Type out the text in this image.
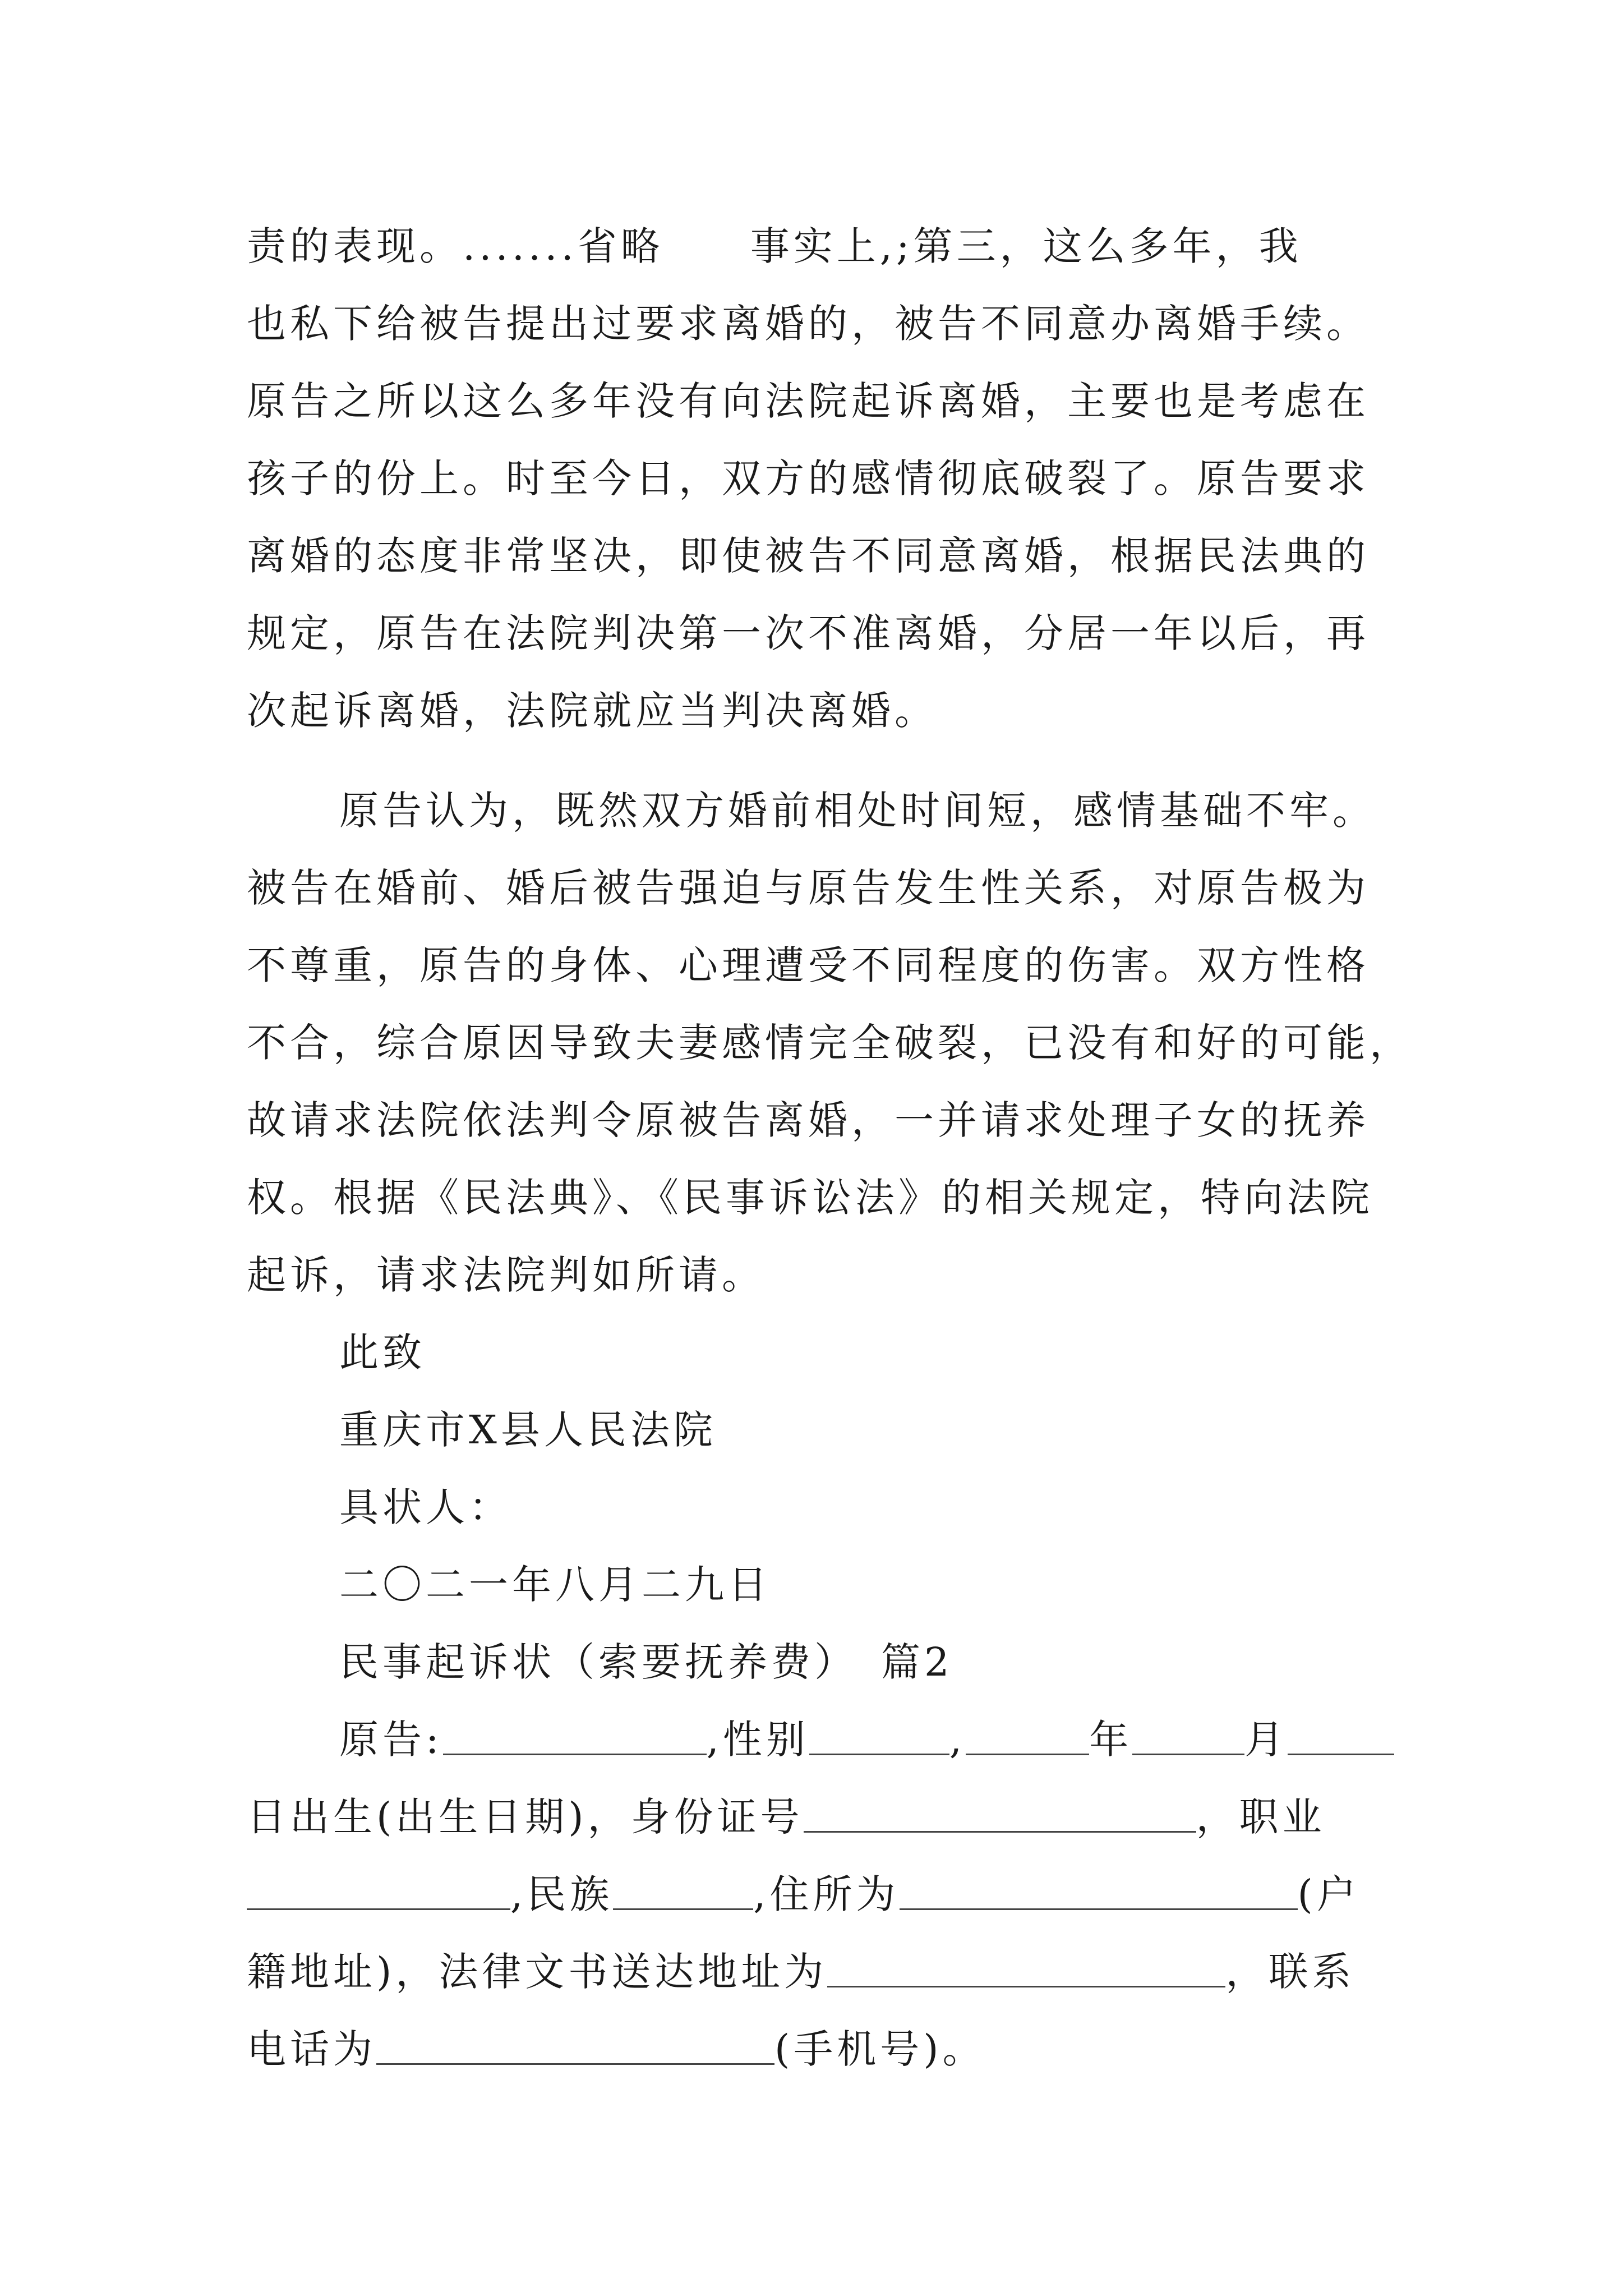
责的表现。.......省略　　事实上,;第三，这么多年，我
也私下给被告提出过要求离婚的，被告不同意办离婚手续。
原告之所以这么多年没有向法院起诉离婚，主要也是考虑在
孩子的份上。时至今日，双方的感情彻底破裂了。原告要求
离婚的态度非常坚决，即使被告不同意离婚，根据民法典的
规定，原告在法院判决第一次不准离婚，分居一年以后，再
次起诉离婚，法院就应当判决离婚。
原告认为，既然双方婚前相处时间短，感情基础不牢。
被告在婚前、婚后被告强迫与原告发生性关系，对原告极为
不尊重，原告的身体、心理遭受不同程度的伤害。双方性格
不合，综合原因导致夫妻感情完全破裂，已没有和好的可能，
故请求法院依法判令原被告离婚，一并请求处理子女的抚养
权。根据《民法典》、《民事诉讼法》的相关规定，特向法院
起诉，请求法院判如所请。
此致
重庆市X县人民法院
具状人：
二〇二一年八月二九日
民事起诉状（索要抚养费）　篇2
原告:	,性别	,	年	月
日出生(出生日期)，身份证号	，职业
,民族	,住所为	(户
籍地址)，法律文书送达地址为	，联系
电话为	(手机号)。
